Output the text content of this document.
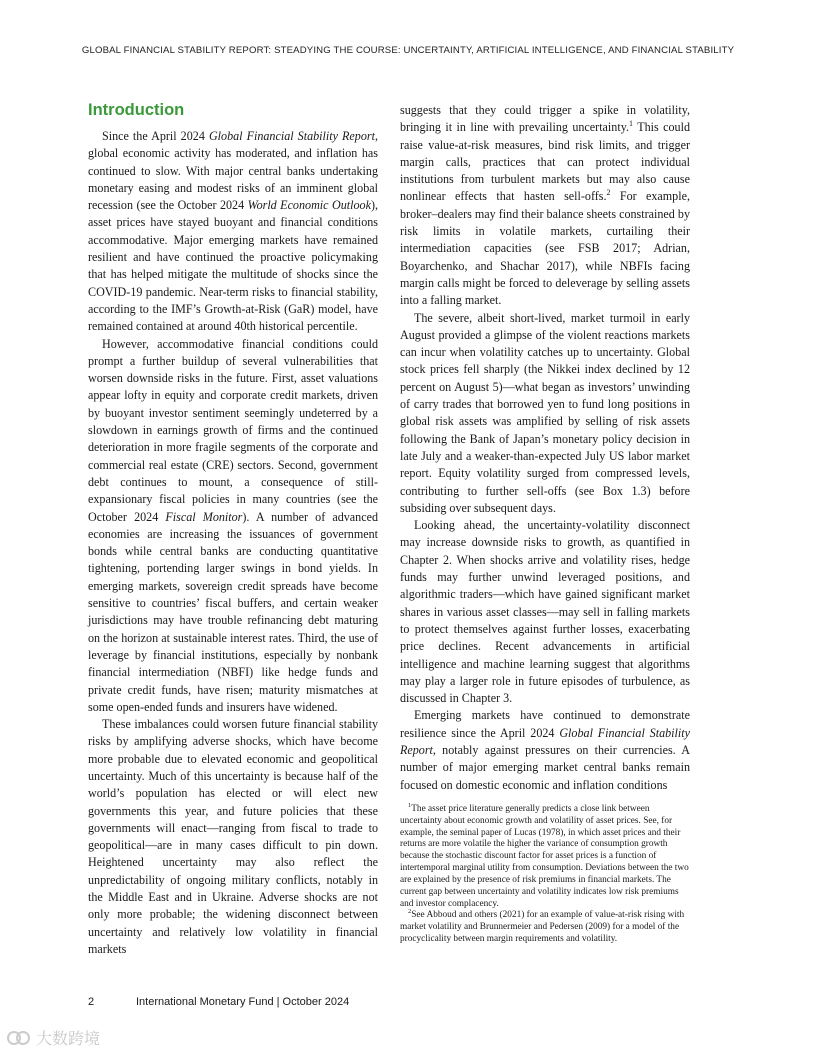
GLOBAL FINANCIAL STABILITY REPORT: STEADYING THE COURSE: UNCERTAINTY, ARTIFICIAL INTELLIGENCE, AND FINANCIAL STABILITY
Introduction

Since the April 2024 Global Financial Stability Report, global economic activity has moderated, and inflation has continued to slow. With major central banks undertaking monetary easing and modest risks of an imminent global recession (see the October 2024 World Economic Outlook), asset prices have stayed buoyant and financial conditions accommodative. Major emerging markets have remained resilient and have continued the proactive policymaking that has helped mitigate the multitude of shocks since the COVID-19 pandemic. Near-term risks to financial stability, according to the IMF’s Growth-at-Risk (GaR) model, have remained contained at around 40th historical percentile.

However, accommodative financial conditions could prompt a further buildup of several vulnerabilities that worsen downside risks in the future. First, asset valuations appear lofty in equity and corporate credit markets, driven by buoyant investor sentiment seemingly undeterred by a slowdown in earnings growth of firms and the continued deterioration in more fragile segments of the corporate and commercial real estate (CRE) sectors. Second, government debt continues to mount, a consequence of still-expansionary fiscal policies in many countries (see the October 2024 Fiscal Monitor). A number of advanced economies are increasing the issuances of government bonds while central banks are conducting quantitative tightening, portending larger swings in bond yields. In emerging markets, sovereign credit spreads have become sensitive to countries’ fiscal buffers, and certain weaker jurisdictions may have trouble refinancing debt maturing on the horizon at sustainable interest rates. Third, the use of leverage by financial institutions, especially by nonbank financial intermediation (NBFI) like hedge funds and private credit funds, have risen; maturity mismatches at some open-ended funds and insurers have widened.

These imbalances could worsen future financial stability risks by amplifying adverse shocks, which have become more probable due to elevated economic and geopolitical uncertainty. Much of this uncertainty is because half of the world’s population has elected or will elect new governments this year, and future policies that these governments will enact—ranging from fiscal to trade to geopolitical—are in many cases difficult to pin down. Heightened uncertainty may also reflect the unpredictability of ongoing military conflicts, notably in the Middle East and in Ukraine. Adverse shocks are not only more probable; the widening disconnect between uncertainty and relatively low volatility in financial markets

suggests that they could trigger a spike in volatility, bringing it in line with prevailing uncertainty.$^1$ This could raise value-at-risk measures, bind risk limits, and trigger margin calls, practices that can protect individual institutions from turbulent markets but may also cause nonlinear effects that hasten sell-offs.$^2$ For example, broker–dealers may find their balance sheets constrained by risk limits in volatile markets, curtailing their intermediation capacities (see FSB 2017; Adrian, Boyarchenko, and Shachar 2017), while NBFIs facing margin calls might be forced to deleverage by selling assets into a falling market.

The severe, albeit short-lived, market turmoil in early August provided a glimpse of the violent reactions markets can incur when volatility catches up to uncertainty. Global stock prices fell sharply (the Nikkei index declined by 12 percent on August 5)—what began as investors’ unwinding of carry trades that borrowed yen to fund long positions in global risk assets was amplified by selling of risk assets following the Bank of Japan’s monetary policy decision in late July and a weaker-than-expected July US labor market report. Equity volatility surged from compressed levels, contributing to further sell-offs (see Box 1.3) before subsiding over subsequent days.

Looking ahead, the uncertainty-volatility disconnect may increase downside risks to growth, as quantified in Chapter 2. When shocks arrive and volatility rises, hedge funds may further unwind leveraged positions, and algorithmic traders—which have gained significant market shares in various asset classes—may sell in falling markets to protect themselves against further losses, exacerbating price declines. Recent advancements in artificial intelligence and machine learning suggest that algorithms may play a larger role in future episodes of turbulence, as discussed in Chapter 3.

Emerging markets have continued to demonstrate resilience since the April 2024 Global Financial Stability Report, notably against pressures on their currencies. A number of major emerging market central banks remain focused on domestic economic and inflation conditions

$^1$The asset price literature generally predicts a close link between uncertainty about economic growth and volatility of asset prices. See, for example, the seminal paper of Lucas (1978), in which asset prices and their returns are more volatile the higher the variance of consumption growth because the stochastic discount factor for asset prices is a function of intertemporal marginal utility from consumption. Deviations between the two are explained by the presence of risk premiums in financial markets. The current gap between uncertainty and volatility indicates low risk premiums and investor complacency.

$^2$See Abboud and others (2021) for an example of value-at-risk rising with market volatility and Brunnermeier and Pedersen (2009) for a model of the procyclicality between margin requirements and volatility.

2	International Monetary Fund | October 2024
大数跨境
